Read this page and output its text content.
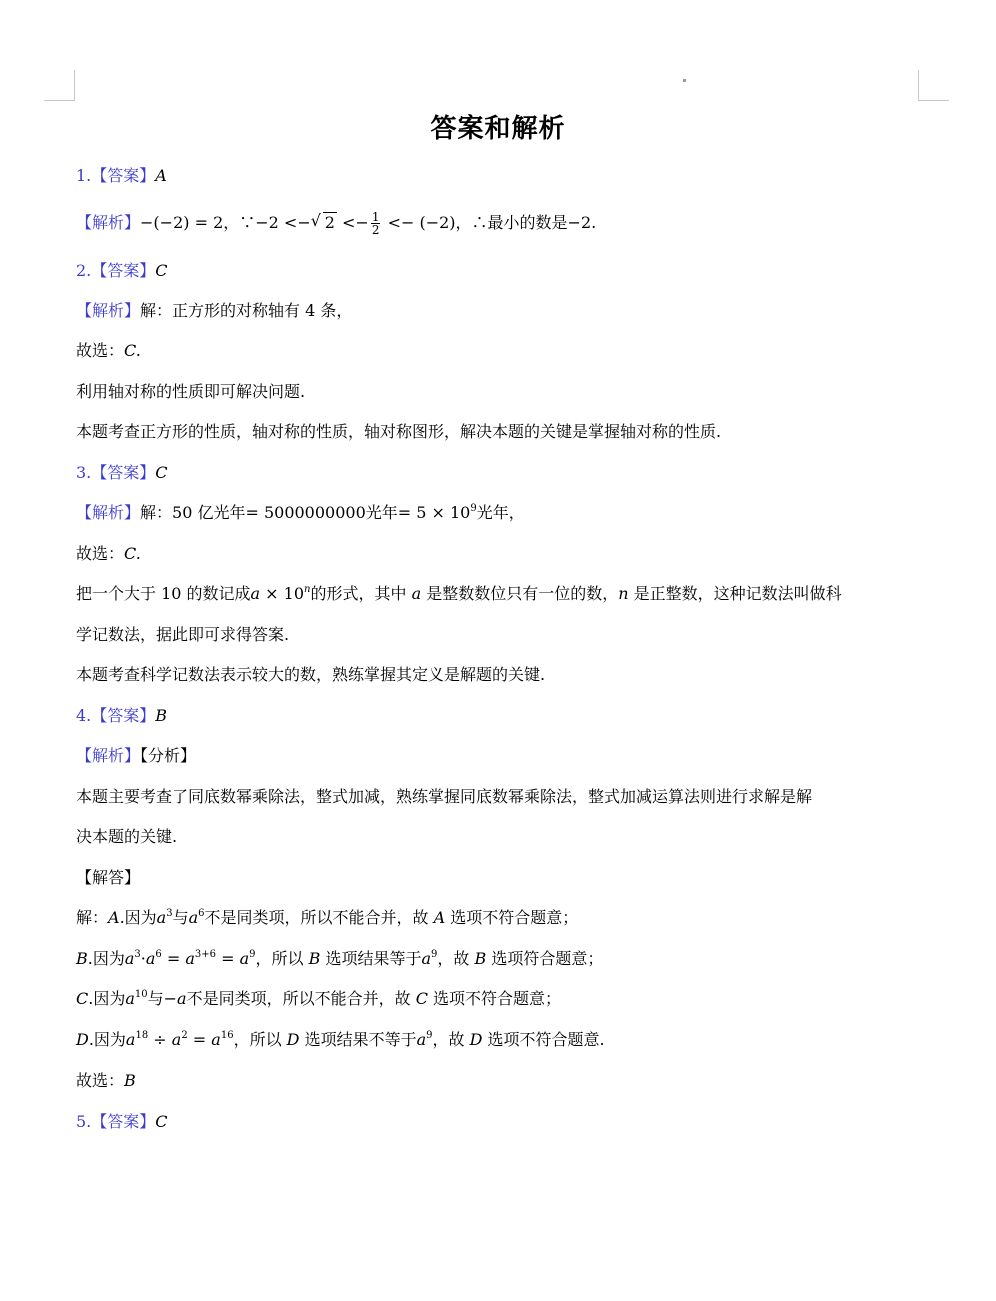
答案和解析
1.【答案】A
【解析】−(−2) = 2，∵−2 <− √ $2 <- \frac{1}{2} <- (-2)$，∴最小的数是−2.
2.【答案】C
【解析】解：正方形的对称轴有 4 条，
故选：C.
利用轴对称的性质即可解决问题.
本题考查正方形的性质，轴对称的性质，轴对称图形，解决本题的关键是掌握轴对称的性质.
3.【答案】C
【解析】解：50 亿光年= 5000000000光年= $5 \times 10^9$光年，
故选：C.
把一个大于 10 的数记成$a \times 10^n$的形式，其中 a 是整数数位只有一位的数，n 是正整数，这种记数法叫做科
学记数法，据此即可求得答案.
本题考查科学记数法表示较大的数，熟练掌握其定义是解题的关键.
4.【答案】B
【解析】【分析】
本题主要考查了同底数幂乘除法，整式加减，熟练掌握同底数幂乘除法，整式加减运算法则进行求解是解
决本题的关键.
【解答】
解：A.因为$a^3$与$a^6$不是同类项，所以不能合并，故 A 选项不符合题意；
B.因为$a^3\cdot a^6 = a^{3+6} = a^9$，所以 B 选项结果等于$a^9$，故 B 选项符合题意；
C.因为$a^{10}$与−a不是同类项，所以不能合并，故 C 选项不符合题意；
D.因为$a^{18} \div a^2 = a^{16}$，所以 D 选项结果不等于$a^9$，故 D 选项不符合题意.
故选：B
5.【答案】C
